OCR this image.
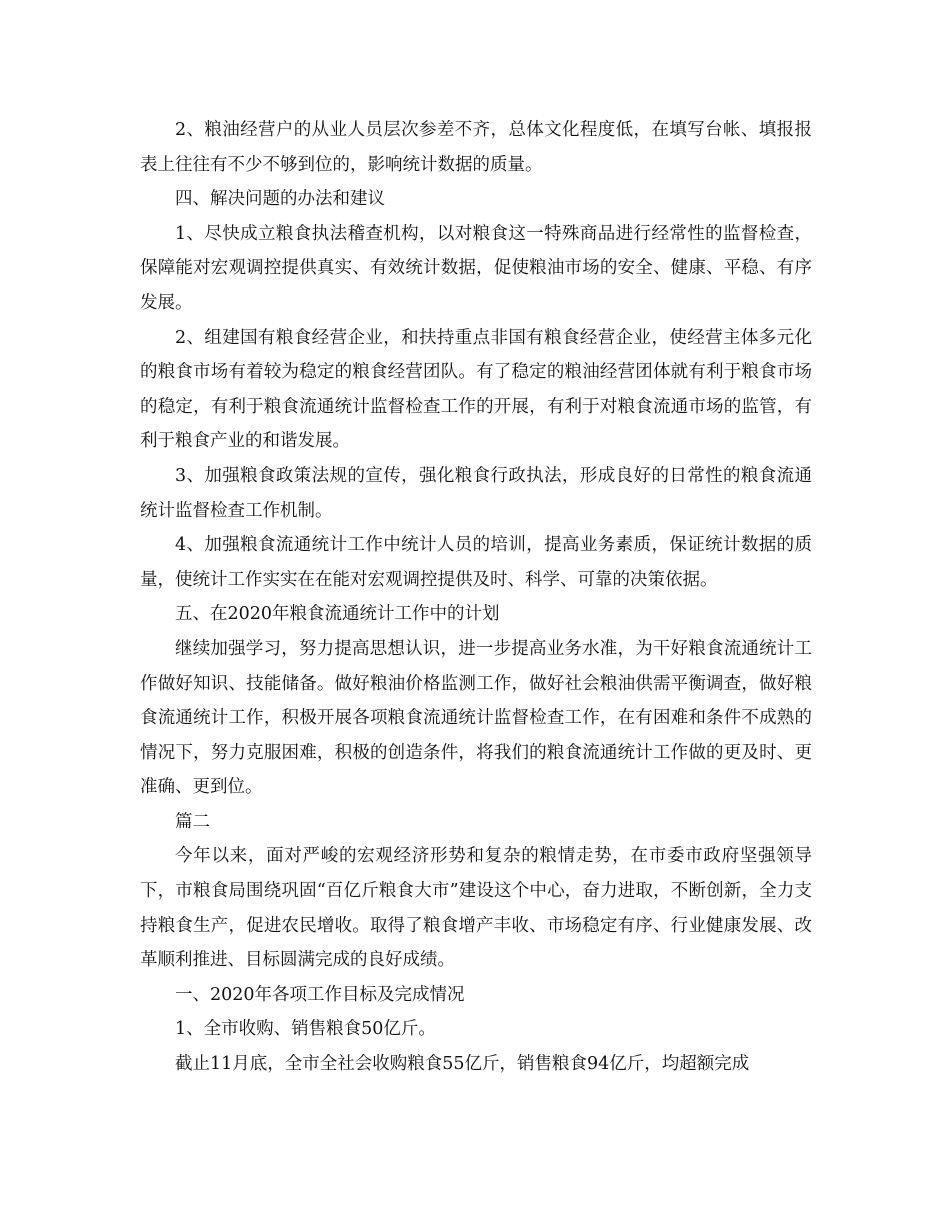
2、粮油经营户的从业人员层次参差不齐，总体文化程度低，在填写台帐、填报报表上往往有不少不够到位的，影响统计数据的质量。

四、解决问题的办法和建议

1、尽快成立粮食执法稽查机构，以对粮食这一特殊商品进行经常性的监督检查，保障能对宏观调控提供真实、有效统计数据，促使粮油市场的安全、健康、平稳、有序发展。

2、组建国有粮食经营企业，和扶持重点非国有粮食经营企业，使经营主体多元化的粮食市场有着较为稳定的粮食经营团队。有了稳定的粮油经营团体就有利于粮食市场的稳定，有利于粮食流通统计监督检查工作的开展，有利于对粮食流通市场的监管，有利于粮食产业的和谐发展。

3、加强粮食政策法规的宣传，强化粮食行政执法，形成良好的日常性的粮食流通统计监督检查工作机制。

4、加强粮食流通统计工作中统计人员的培训，提高业务素质，保证统计数据的质量，使统计工作实实在在能对宏观调控提供及时、科学、可靠的决策依据。

五、在2020年粮食流通统计工作中的计划

继续加强学习，努力提高思想认识，进一步提高业务水准，为干好粮食流通统计工作做好知识、技能储备。做好粮油价格监测工作，做好社会粮油供需平衡调查，做好粮食流通统计工作，积极开展各项粮食流通统计监督检查工作，在有困难和条件不成熟的情况下，努力克服困难，积极的创造条件，将我们的粮食流通统计工作做的更及时、更准确、更到位。

篇二

今年以来，面对严峻的宏观经济形势和复杂的粮情走势，在市委市政府坚强领导下，市粮食局围绕巩固“百亿斤粮食大市”建设这个中心，奋力进取，不断创新，全力支持粮食生产，促进农民增收。取得了粮食增产丰收、市场稳定有序、行业健康发展、改革顺利推进、目标圆满完成的良好成绩。

一、2020年各项工作目标及完成情况

1、全市收购、销售粮食50亿斤。

截止11月底，全市全社会收购粮食55亿斤，销售粮食94亿斤，均超额完成
